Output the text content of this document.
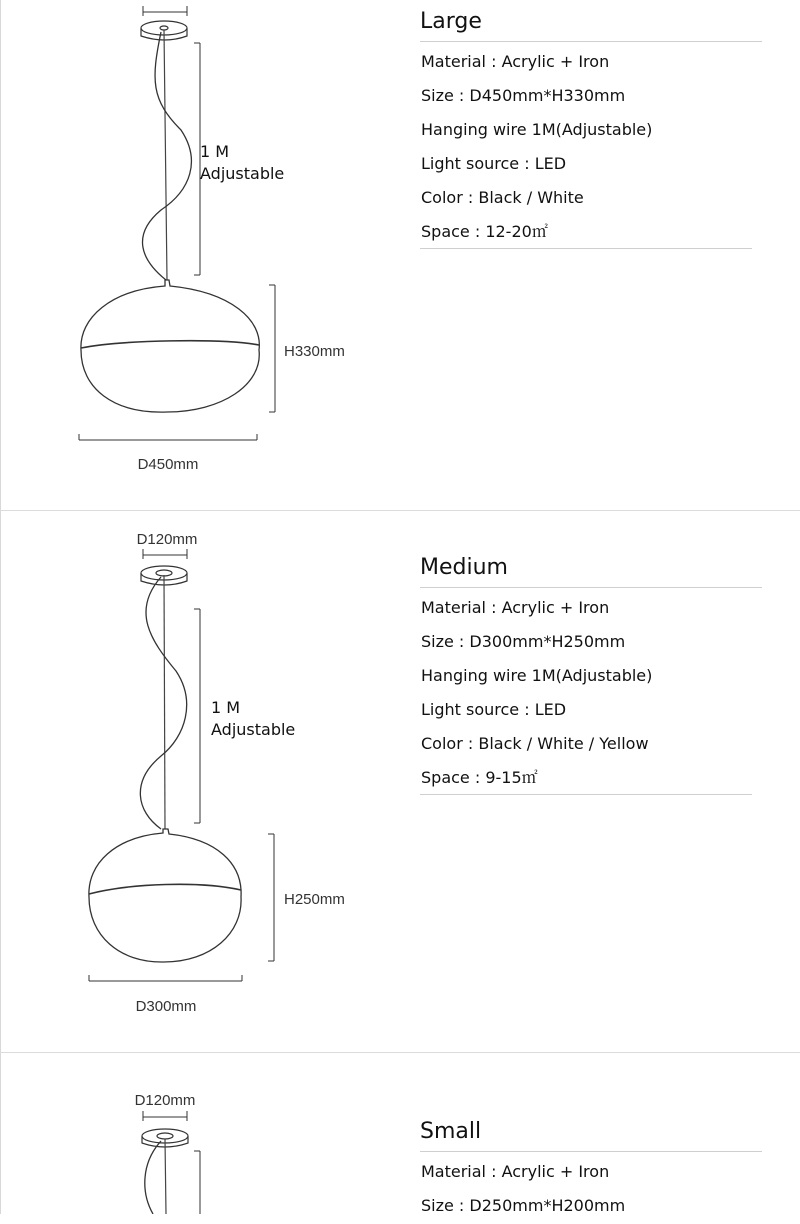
1 M
Adjustable
H330mm
D450mm
Large
Material : Acrylic + Iron
Size : D450mm*H330mm
Hanging wire 1M(Adjustable)
Light source : LED
Color : Black / White
Space : 12-20㎡
D120mm
1 M
Adjustable
H250mm
D300mm
Medium
Material : Acrylic + Iron
Size : D300mm*H250mm
Hanging wire 1M(Adjustable)
Light source : LED
Color : Black / White / Yellow
Space : 9-15㎡
D120mm
Small
Material : Acrylic + Iron
Size : D250mm*H200mm
